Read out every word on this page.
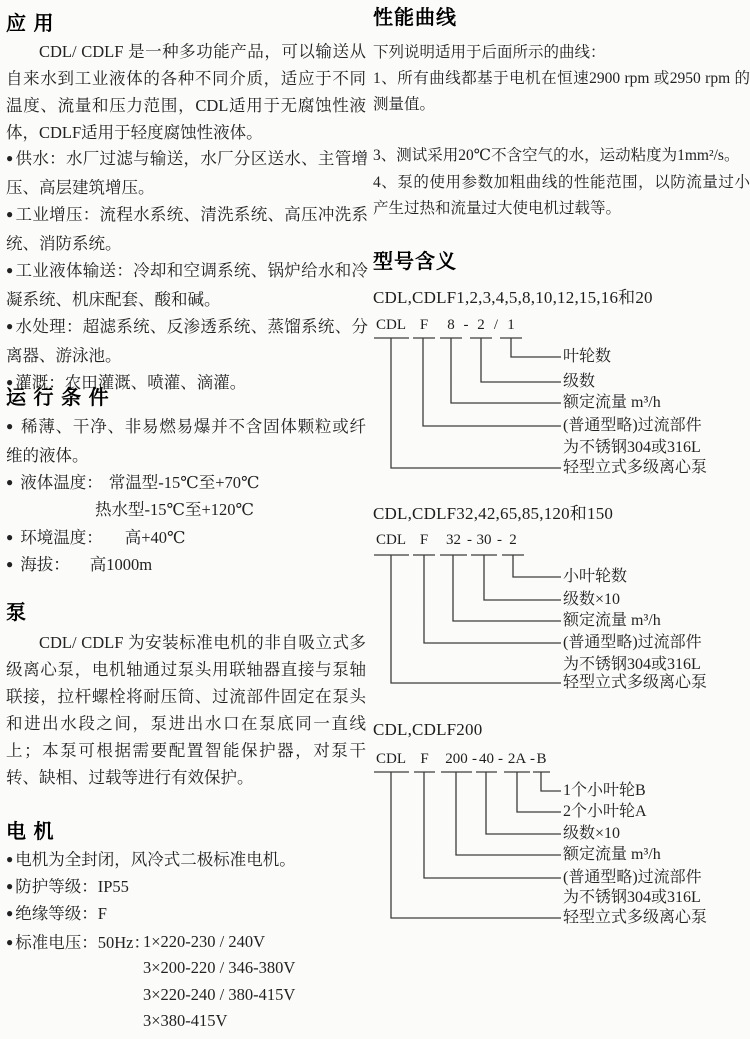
应 用

CDL/ CDLF 是一种多功能产品，可以输送从自来水到工业液体的各种不同介质，适应于不同温度、流量和压力范围，CDL适用于无腐蚀性液体，CDLF适用于轻度腐蚀性液体。

● 供水：水厂过滤与输送，水厂分区送水、主管增压、高层建筑增压。

● 工业增压：流程水系统、清洗系统、高压冲洗系统、消防系统。

● 工业液体输送：冷却和空调系统、锅炉给水和冷凝系统、机床配套、酸和碱。

● 水处理：超滤系统、反渗透系统、蒸馏系统、分离器、游泳池。

● 灌溉：农田灌溉、喷灌、滴灌。

运 行 条 件

● 稀薄、干净、非易燃易爆并不含固体颗粒或纤维的液体。

● 液体温度： 常温型-15℃至+70℃

热水型-15℃至+120℃

● 环境温度： 高+40℃

● 海拔： 高1000m

泵

CDL/ CDLF 为安装标准电机的非自吸立式多级离心泵，电机轴通过泵头用联轴器直接与泵轴联接，拉杆螺栓将耐压筒、过流部件固定在泵头和进出水段之间，泵进出水口在泵底同一直线上；本泵可根据需要配置智能保护器，对泵干转、缺相、过载等进行有效保护。

电 机

● 电机为全封闭，风冷式二极标准电机。

● 防护等级：IP55

● 绝缘等级：F

● 标准电压：50Hz：

1×220-230 / 240V

3×200-220 / 346-380V

3×220-240 / 380-415V

3×380-415V

性能曲线

下列说明适用于后面所示的曲线：

1、所有曲线都基于电机在恒速2900 rpm 或2950 rpm 的测量值。

3、测试采用20℃不含空气的水，运动粘度为1mm²/s。

4、泵的使用参数加粗曲线的性能范围，以防流量过小产生过热和流量过大使电机过载等。

型号含义

CDL,CDLF1,2,3,4,5,8,10,12,15,16和20

CDL F	8 - 2 / 1

叶轮数

级数

额定流量 m³/h

(普通型略)过流部件

为不锈钢304或316L

轻型立式多级离心泵

CDL,CDLF32,42,65,85,120和150

CDL F	32 - 30 - 2

小叶轮数

级数×10

额定流量 m³/h

(普通型略)过流部件

为不锈钢304或316L

轻型立式多级离心泵

CDL,CDLF200

CDL F	200 - 40 - 2A - B

1个小叶轮B

2个小叶轮A

级数×10

额定流量 m³/h

(普通型略)过流部件

为不锈钢304或316L

轻型立式多级离心泵
